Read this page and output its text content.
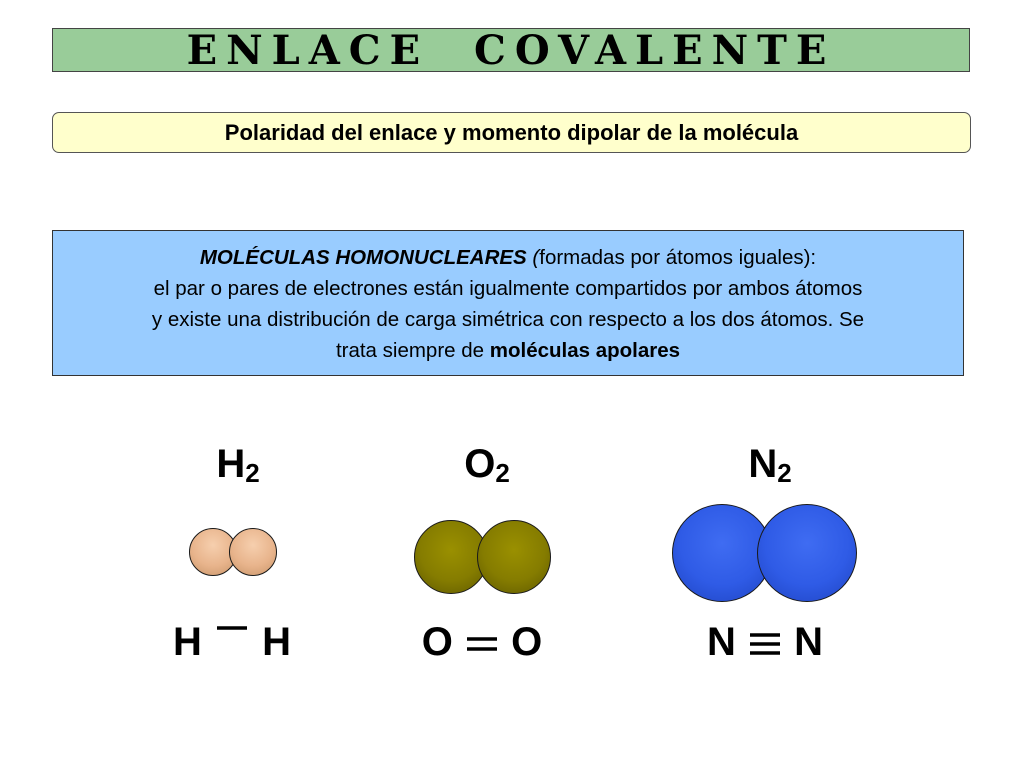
ENLACE COVALENTE
Polaridad del enlace y momento dipolar de la molécula

MOLÉCULAS HOMONUCLEARES (formadas por átomos iguales):

el par o pares de electrones están igualmente compartidos por ambos átomos

y existe una distribución de carga simétrica con respecto a los dos átomos. Se

trata siempre de moléculas apolares

$H_2$	$O_2$	$N_2$
H H	O O	N N
